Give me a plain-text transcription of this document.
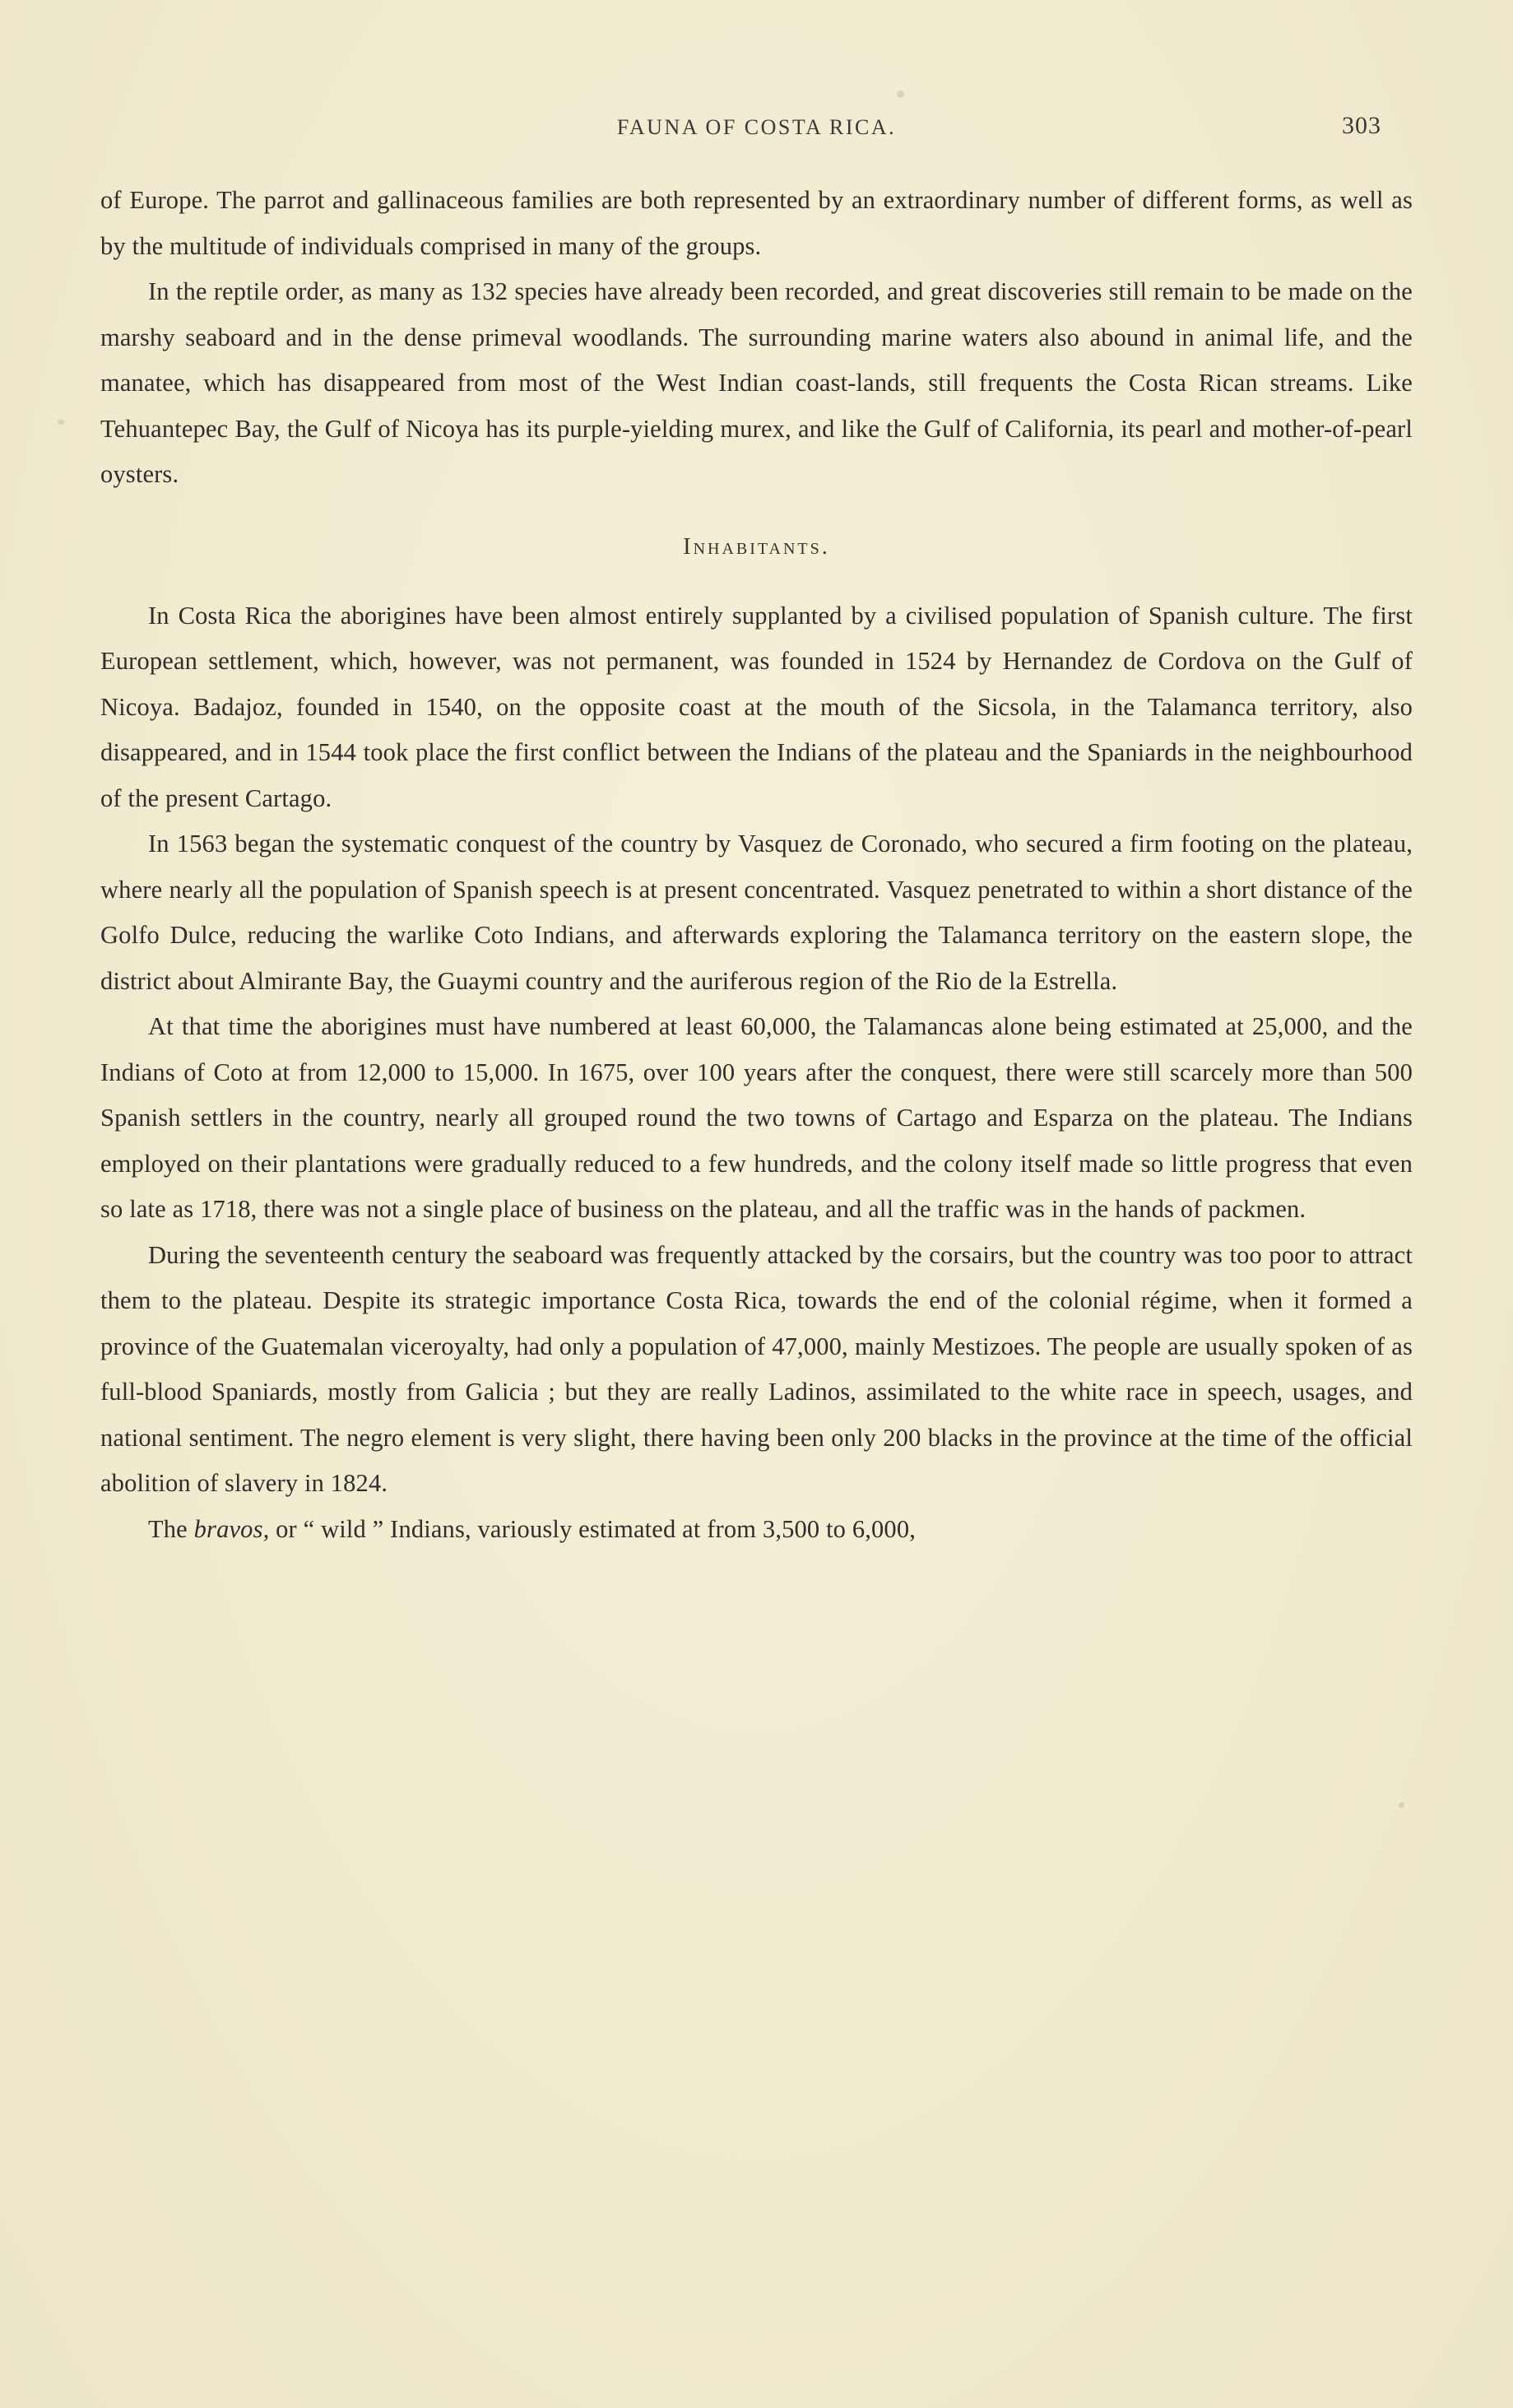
FAUNA OF COSTA RICA.	303

of Europe. The parrot and gallinaceous families are both represented by an extraordinary number of different forms, as well as by the multitude of individuals comprised in many of the groups.

In the reptile order, as many as 132 species have already been recorded, and great discoveries still remain to be made on the marshy seaboard and in the dense primeval woodlands. The surrounding marine waters also abound in animal life, and the manatee, which has disappeared from most of the West Indian coast-lands, still frequents the Costa Rican streams. Like Tehuantepec Bay, the Gulf of Nicoya has its purple-yielding murex, and like the Gulf of California, its pearl and mother-of-pearl oysters.

Inhabitants.

In Costa Rica the aborigines have been almost entirely supplanted by a civilised population of Spanish culture. The first European settlement, which, however, was not permanent, was founded in 1524 by Hernandez de Cordova on the Gulf of Nicoya. Badajoz, founded in 1540, on the opposite coast at the mouth of the Sicsola, in the Talamanca territory, also disappeared, and in 1544 took place the first conflict between the Indians of the plateau and the Spaniards in the neighbourhood of the present Cartago.

In 1563 began the systematic conquest of the country by Vasquez de Coronado, who secured a firm footing on the plateau, where nearly all the population of Spanish speech is at present concentrated. Vasquez penetrated to within a short distance of the Golfo Dulce, reducing the warlike Coto Indians, and afterwards exploring the Talamanca territory on the eastern slope, the district about Almirante Bay, the Guaymi country and the auriferous region of the Rio de la Estrella.

At that time the aborigines must have numbered at least 60,000, the Talamancas alone being estimated at 25,000, and the Indians of Coto at from 12,000 to 15,000. In 1675, over 100 years after the conquest, there were still scarcely more than 500 Spanish settlers in the country, nearly all grouped round the two towns of Cartago and Esparza on the plateau. The Indians employed on their plantations were gradually reduced to a few hundreds, and the colony itself made so little progress that even so late as 1718, there was not a single place of business on the plateau, and all the traffic was in the hands of packmen.

During the seventeenth century the seaboard was frequently attacked by the corsairs, but the country was too poor to attract them to the plateau. Despite its strategic importance Costa Rica, towards the end of the colonial régime, when it formed a province of the Guatemalan viceroyalty, had only a population of 47,000, mainly Mestizoes. The people are usually spoken of as full-blood Spaniards, mostly from Galicia ; but they are really Ladinos, assimilated to the white race in speech, usages, and national sentiment. The negro element is very slight, there having been only 200 blacks in the province at the time of the official abolition of slavery in 1824.

The bravos, or “ wild ” Indians, variously estimated at from 3,500 to 6,000,
